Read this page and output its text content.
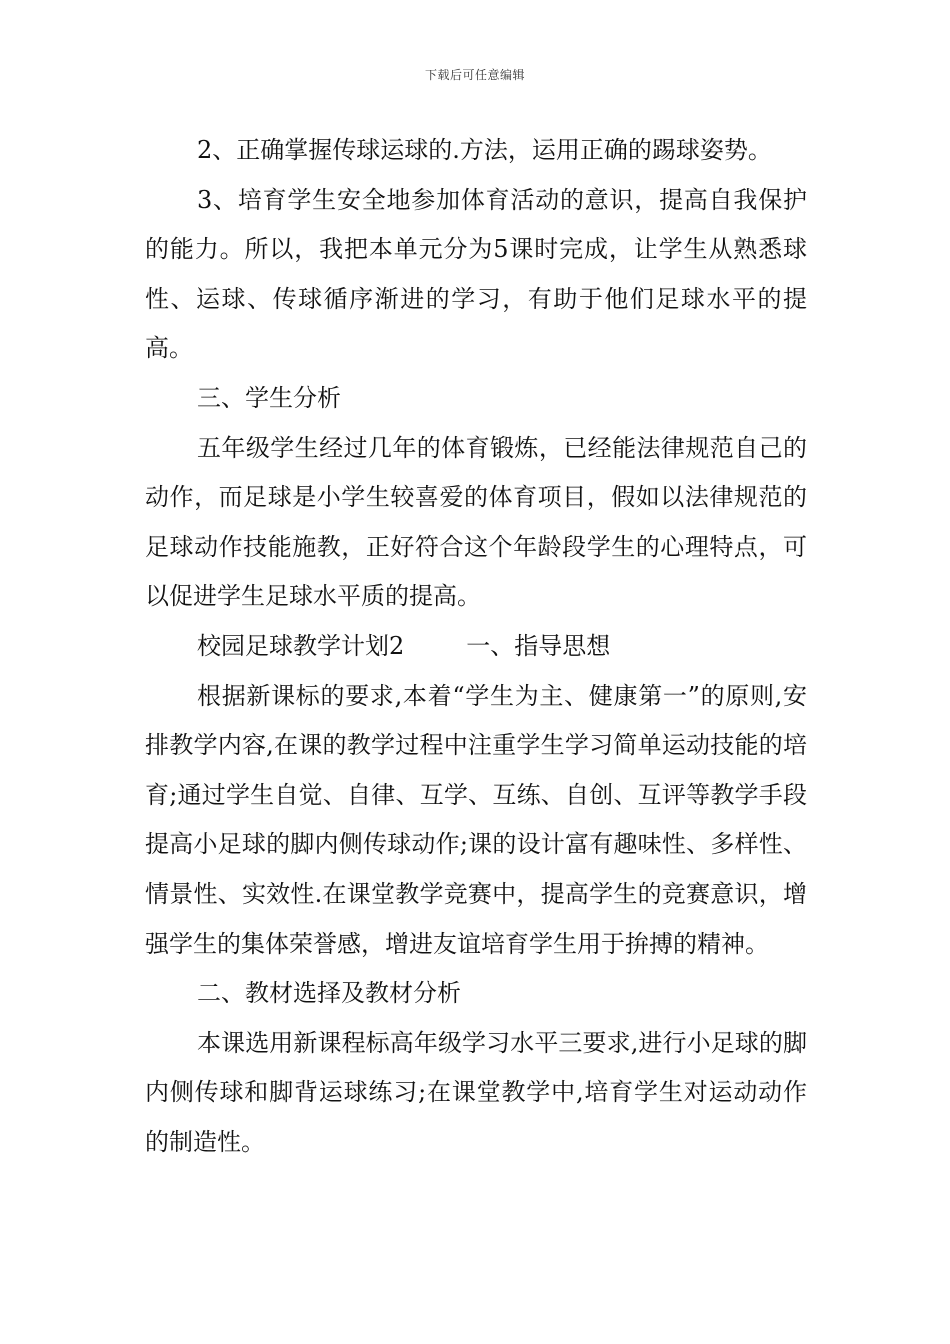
下载后可任意编辑

2、正确掌握传球运球的.方法，运用正确的踢球姿势。

3、培育学生安全地参加体育活动的意识，提高自我保护的能力。所以，我把本单元分为5课时完成，让学生从熟悉球性、运球、传球循序渐进的学习，有助于他们足球水平的提高。

三、学生分析

五年级学生经过几年的体育锻炼，已经能法律规范自己的动作，而足球是小学生较喜爱的体育项目，假如以法律规范的足球动作技能施教，正好符合这个年龄段学生的心理特点，可以促进学生足球水平质的提高。

校园足球教学计划2	一、指导思想

根据新课标的要求,本着“学生为主、健康第一”的原则,安排教学内容,在课的教学过程中注重学生学习简单运动技能的培育;通过学生自觉、自律、互学、互练、自创、互评等教学手段提高小足球的脚内侧传球动作;课的设计富有趣味性、多样性、情景性、实效性.在课堂教学竞赛中，提高学生的竞赛意识，增强学生的集体荣誉感，增进友谊培育学生用于拚搏的精神。

二、教材选择及教材分析

本课选用新课程标高年级学习水平三要求,进行小足球的脚内侧传球和脚背运球练习;在课堂教学中,培育学生对运动动作的制造性。
